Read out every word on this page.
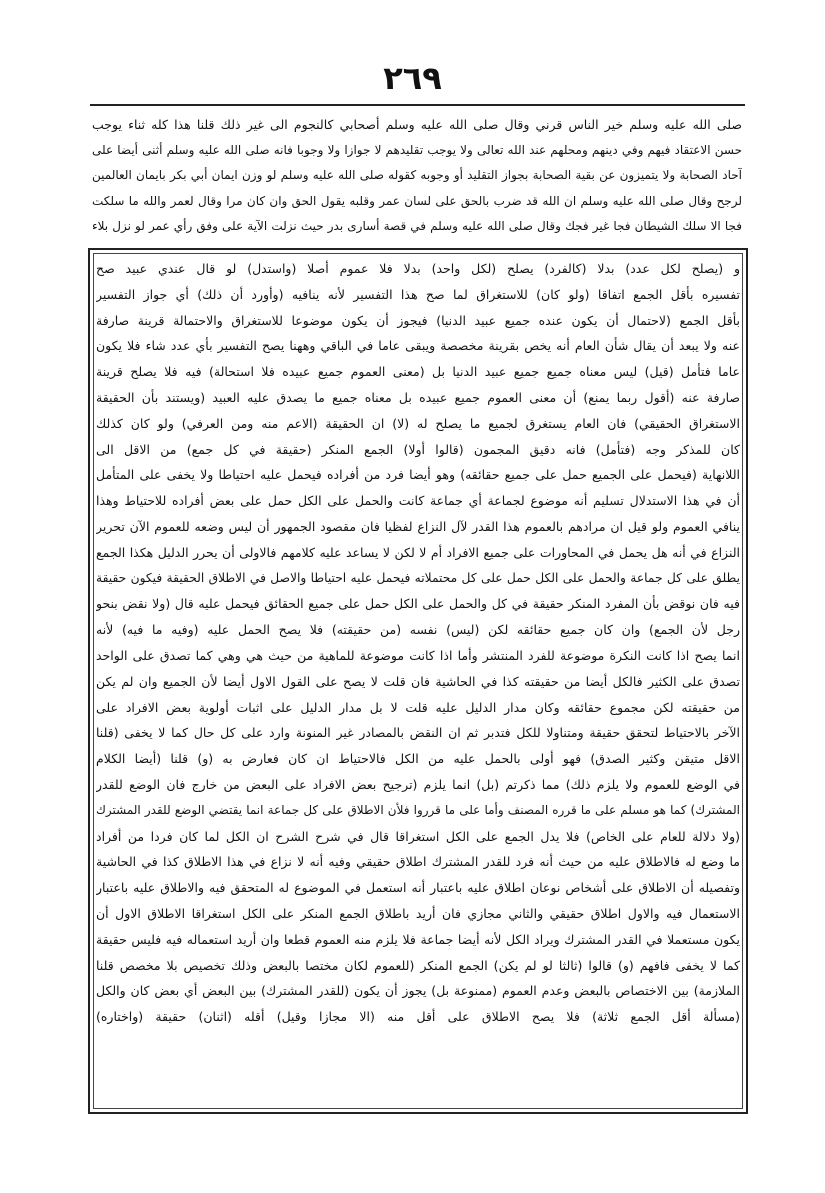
٢٦٩
صلى الله عليه وسلم خير الناس قرني وقال صلى الله عليه وسلم أصحابي كالنجوم الى غير ذلك قلنا هذا كله ثناء يوجب
حسن الاعتقاد فيهم وفي دينهم ومحلهم عند الله تعالى ولا يوجب تقليدهم لا جوازا ولا وجوبا فانه صلى الله عليه وسلم أثنى أيضا على
آحاد الصحابة ولا يتميزون عن بقية الصحابة بجواز التقليد أو وجوبه كقوله صلى الله عليه وسلم لو وزن ايمان أبي بكر بايمان العالمين
لرجح وقال صلى الله عليه وسلم ان الله قد ضرب بالحق على لسان عمر وقلبه يقول الحق وان كان مرا وقال لعمر والله ما سلكت
فجا الا سلك الشيطان فجا غير فجك وقال صلى الله عليه وسلم في قصة أسارى بدر حيث نزلت الآية على وفق رأي عمر لو نزل بلاء
و (يصلح لكل عدد) بدلا (كالفرد) يصلح (لكل واحد) بدلا فلا عموم أصلا (واستدل) لو قال عندي عبيد صح
تفسيره بأقل الجمع اتفاقا (ولو كان) للاستغراق لما صح هذا التفسير لأنه ينافيه (وأورد أن ذلك) أي جواز التفسير
بأقل الجمع (لاحتمال أن يكون عنده جميع عبيد الدنيا) فيجوز أن يكون موضوعا للاستغراق والاحتمالة قرينة صارفة
عنه ولا يبعد أن يقال شأن العام أنه يخص بقرينة مخصصة ويبقى عاما في الباقي وههنا يصح التفسير بأي عدد شاء فلا يكون
عاما فتأمل (قيل) ليس معناه جميع جميع عبيد الدنيا بل (معنى العموم جميع عبيده فلا استحالة) فيه فلا يصلح قرينة
صارفة عنه (أقول ربما يمنع) أن معنى العموم جميع عبيده بل معناه جميع ما يصدق عليه العبيد (ويستند بأن الحقيقة
الاستغراق الحقيقي) فان العام يستغرق لجميع ما يصلح له (لا) ان الحقيقة (الاعم منه ومن العرفي) ولو كان كذلك
كان للمذكر وجه (فتأمل) فانه دقيق المجمون (قالوا أولا) الجمع المنكر (حقيقة في كل جمع) من الاقل الى
اللانهاية (فيحمل على الجميع حمل على جميع حقائقه) وهو أيضا فرد من أفراده فيحمل عليه احتياطا ولا يخفى على المتأمل
أن في هذا الاستدلال تسليم أنه موضوع لجماعة أي جماعة كانت والحمل على الكل حمل على بعض أفراده للاحتياط وهذا
ينافي العموم ولو قيل ان مرادهم بالعموم هذا القدر لآل النزاع لفظيا فان مقصود الجمهور أن ليس وضعه للعموم الآن تحرير
النزاع في أنه هل يحمل في المحاورات على جميع الافراد أم لا لكن لا يساعد عليه كلامهم فالاولى أن يحرر الدليل هكذا الجمع
يطلق على كل جماعة والحمل على الكل حمل على كل محتملاته فيحمل عليه احتياطا والاصل في الاطلاق الحقيقة فيكون حقيقة
فيه فان نوقض بأن المفرد المنكر حقيقة في كل والحمل على الكل حمل على جميع الحقائق فيحمل عليه قال (ولا نقض بنحو
رجل لأن الجمع) وان كان جميع حقائقه لكن (ليس) نفسه (من حقيقته) فلا يصح الحمل عليه (وفيه ما فيه) لأنه
انما يصح اذا كانت النكرة موضوعة للفرد المنتشر وأما اذا كانت موضوعة للماهية من حيث هي وهي كما تصدق على الواحد
تصدق على الكثير فالكل أيضا من حقيقته كذا في الحاشية فان قلت لا يصح على القول الاول أيضا لأن الجميع وان لم يكن
من حقيقته لكن مجموع حقائقه وكان مدار الدليل عليه قلت لا بل مدار الدليل على اثبات أولوية بعض الافراد على
الآخر بالاحتياط لتحقق حقيقة ومتناولا للكل فتدبر ثم ان النقض بالمصادر غير المنونة وارد على كل حال كما لا يخفى (قلنا
الاقل متيقن وكثير الصدق) فهو أولى بالحمل عليه من الكل فالاحتياط ان كان فعارض به (و) قلنا (أيضا الكلام
في الوضع للعموم ولا يلزم ذلك) مما ذكرتم (بل) انما يلزم (ترجيح بعض الافراد على البعض من خارج فان الوضع للقدر
المشترك) كما هو مسلم على ما قرره المصنف وأما على ما قرروا فلأن الاطلاق على كل جماعة انما يقتضي الوضع للقدر المشترك
(ولا دلالة للعام على الخاص) فلا يدل الجمع على الكل استغراقا قال في شرح الشرح ان الكل لما كان فردا من أفراد
ما وضع له فالاطلاق عليه من حيث أنه فرد للقدر المشترك اطلاق حقيقي وفيه أنه لا نزاع في هذا الاطلاق كذا في الحاشية
وتفصيله أن الاطلاق على أشخاص نوعان اطلاق عليه باعتبار أنه استعمل في الموضوع له المتحقق فيه والاطلاق عليه باعتبار
الاستعمال فيه والاول اطلاق حقيقي والثاني مجازي فان أريد باطلاق الجمع المنكر على الكل استغراقا الاطلاق الاول أن
يكون مستعملا في القدر المشترك ويراد الكل لأنه أيضا جماعة فلا يلزم منه العموم قطعا وان أريد استعماله فيه فليس حقيقة
كما لا يخفى فافهم (و) قالوا (ثالثا لو لم يكن) الجمع المنكر (للعموم لكان مختصا بالبعض وذلك تخصيص بلا مخصص قلنا
الملازمة) بين الاختصاص بالبعض وعدم العموم (ممنوعة بل) يجوز أن يكون (للقدر المشترك) بين البعض أي بعض كان والكل
(مسألة أقل الجمع ثلاثة) فلا يصح الاطلاق على أقل منه (الا مجازا وقيل) أقله (اثنان) حقيقة (واختاره)
